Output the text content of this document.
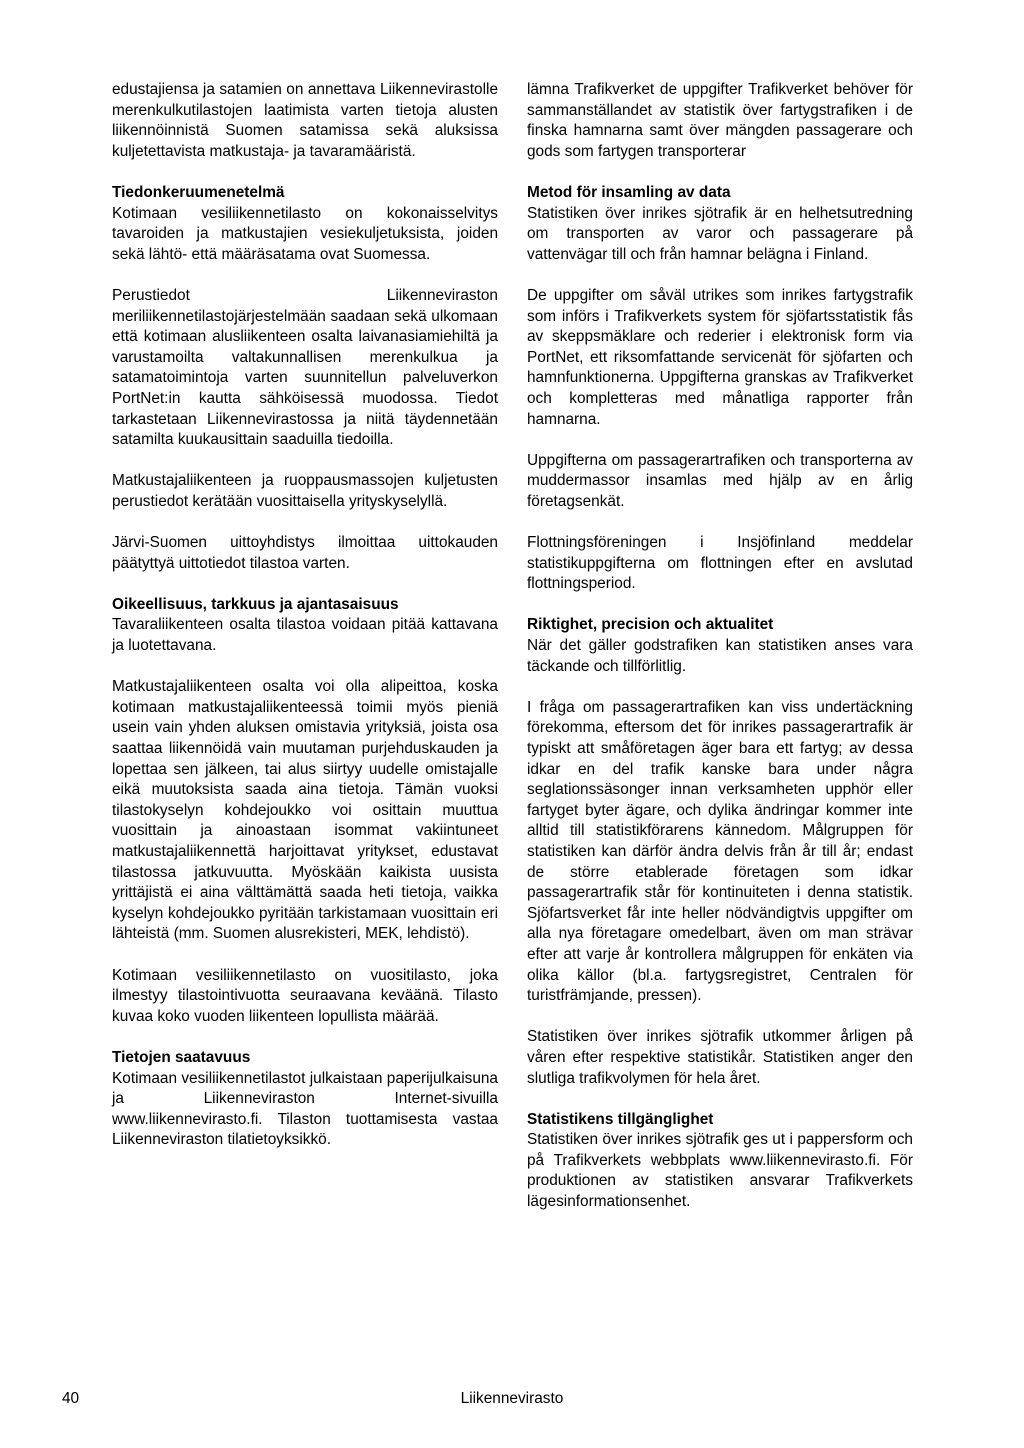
edustajiensa ja satamien on annettava Liikennevirastolle merenkulkutilastojen laatimista varten tietoja alusten liikennöinnistä Suomen satamissa sekä aluksissa kuljetettavista matkustaja- ja tavaramääristä.

Tiedonkeruumenetelmä

Kotimaan vesiliikennetilasto on kokonaisselvitys tavaroiden ja matkustajien vesiekuljetuksista, joiden sekä lähtö- että määräsatama ovat Suomessa.

Perustiedot Liikenneviraston meriliikennetilastojärjestelmään saadaan sekä ulkomaan että kotimaan alusliikenteen osalta laivanasiamiehiltä ja varustamoilta valtakunnallisen merenkulkua ja satamatoimintoja varten suunnitellun palveluverkon PortNet:in kautta sähköisessä muodossa. Tiedot tarkastetaan Liikennevirastossa ja niitä täydennetään satamilta kuukausittain saaduilla tiedoilla.

Matkustajaliikenteen ja ruoppausmassojen kuljetusten perustiedot kerätään vuosittaisella yrityskyselyllä.

Järvi-Suomen uittoyhdistys ilmoittaa uittokauden päätyttyä uittotiedot tilastoa varten.

Oikeellisuus, tarkkuus ja ajantasaisuus

Tavaraliikenteen osalta tilastoa voidaan pitää kattavana ja luotettavana.

Matkustajaliikenteen osalta voi olla alipeittoa, koska kotimaan matkustajaliikenteessä toimii myös pieniä usein vain yhden aluksen omistavia yrityksiä, joista osa saattaa liikennöidä vain muutaman purjehduskauden ja lopettaa sen jälkeen, tai alus siirtyy uudelle omistajalle eikä muutoksista saada aina tietoja. Tämän vuoksi tilastokyselyn kohdejoukko voi osittain muuttua vuosittain ja ainoastaan isommat vakiintuneet matkustajaliikennettä harjoittavat yritykset, edustavat tilastossa jatkuvuutta. Myöskään kaikista uusista yrittäjistä ei aina välttämättä saada heti tietoja, vaikka kyselyn kohdejoukko pyritään tarkistamaan vuosittain eri lähteistä (mm. Suomen alusrekisteri, MEK, lehdistö).

Kotimaan vesiliikennetilasto on vuositilasto, joka ilmestyy tilastointivuotta seuraavana keväänä. Tilasto kuvaa koko vuoden liikenteen lopullista määrää.

Tietojen saatavuus

Kotimaan vesiliikennetilastot julkaistaan paperijulkaisuna ja Liikenneviraston Internet-sivuilla www.liikennevirasto.fi. Tilaston tuottamisesta vastaa Liikenneviraston tilatietoyksikkö.

lämna Trafikverket de uppgifter Trafikverket behöver för sammanställandet av statistik över fartygstrafiken i de finska hamnarna samt över mängden passagerare och gods som fartygen transporterar

Metod för insamling av data

Statistiken över inrikes sjötrafik är en helhetsutredning om transporten av varor och passagerare på vattenvägar till och från hamnar belägna i Finland.

De uppgifter om såväl utrikes som inrikes fartygstrafik som införs i Trafikverkets system för sjöfartsstatistik fås av skeppsmäklare och rederier i elektronisk form via PortNet, ett riksomfattande servicenät för sjöfarten och hamnfunktionerna. Uppgifterna granskas av Trafikverket och kompletteras med månatliga rapporter från hamnarna.

Uppgifterna om passagerartrafiken och transporterna av muddermassor insamlas med hjälp av en årlig företagsenkät.

Flottningsföreningen i Insjöfinland meddelar statistikuppgifterna om flottningen efter en avslutad flottningsperiod.

Riktighet, precision och aktualitet

När det gäller godstrafiken kan statistiken anses vara täckande och tillförlitlig.

I fråga om passagerartrafiken kan viss undertäckning förekomma, eftersom det för inrikes passagerartrafik är typiskt att småföretagen äger bara ett fartyg; av dessa idkar en del trafik kanske bara under några seglationssäsonger innan verksamheten upphör eller fartyget byter ägare, och dylika ändringar kommer inte alltid till statistikförarens kännedom. Målgruppen för statistiken kan därför ändra delvis från år till år; endast de större etablerade företagen som idkar passagerartrafik står för kontinuiteten i denna statistik. Sjöfartsverket får inte heller nödvändigtvis uppgifter om alla nya företagare omedelbart, även om man strävar efter att varje år kontrollera målgruppen för enkäten via olika källor (bl.a. fartygsregistret, Centralen för turistfrämjande, pressen).

Statistiken över inrikes sjötrafik utkommer årligen på våren efter respektive statistikår. Statistiken anger den slutliga trafikvolymen för hela året.

Statistikens tillgänglighet

Statistiken över inrikes sjötrafik ges ut i pappersform och på Trafikverkets webbplats www.liikennevirasto.fi. För produktionen av statistiken ansvarar Trafikverkets lägesinformationsenhet.

40	Liikennevirasto
